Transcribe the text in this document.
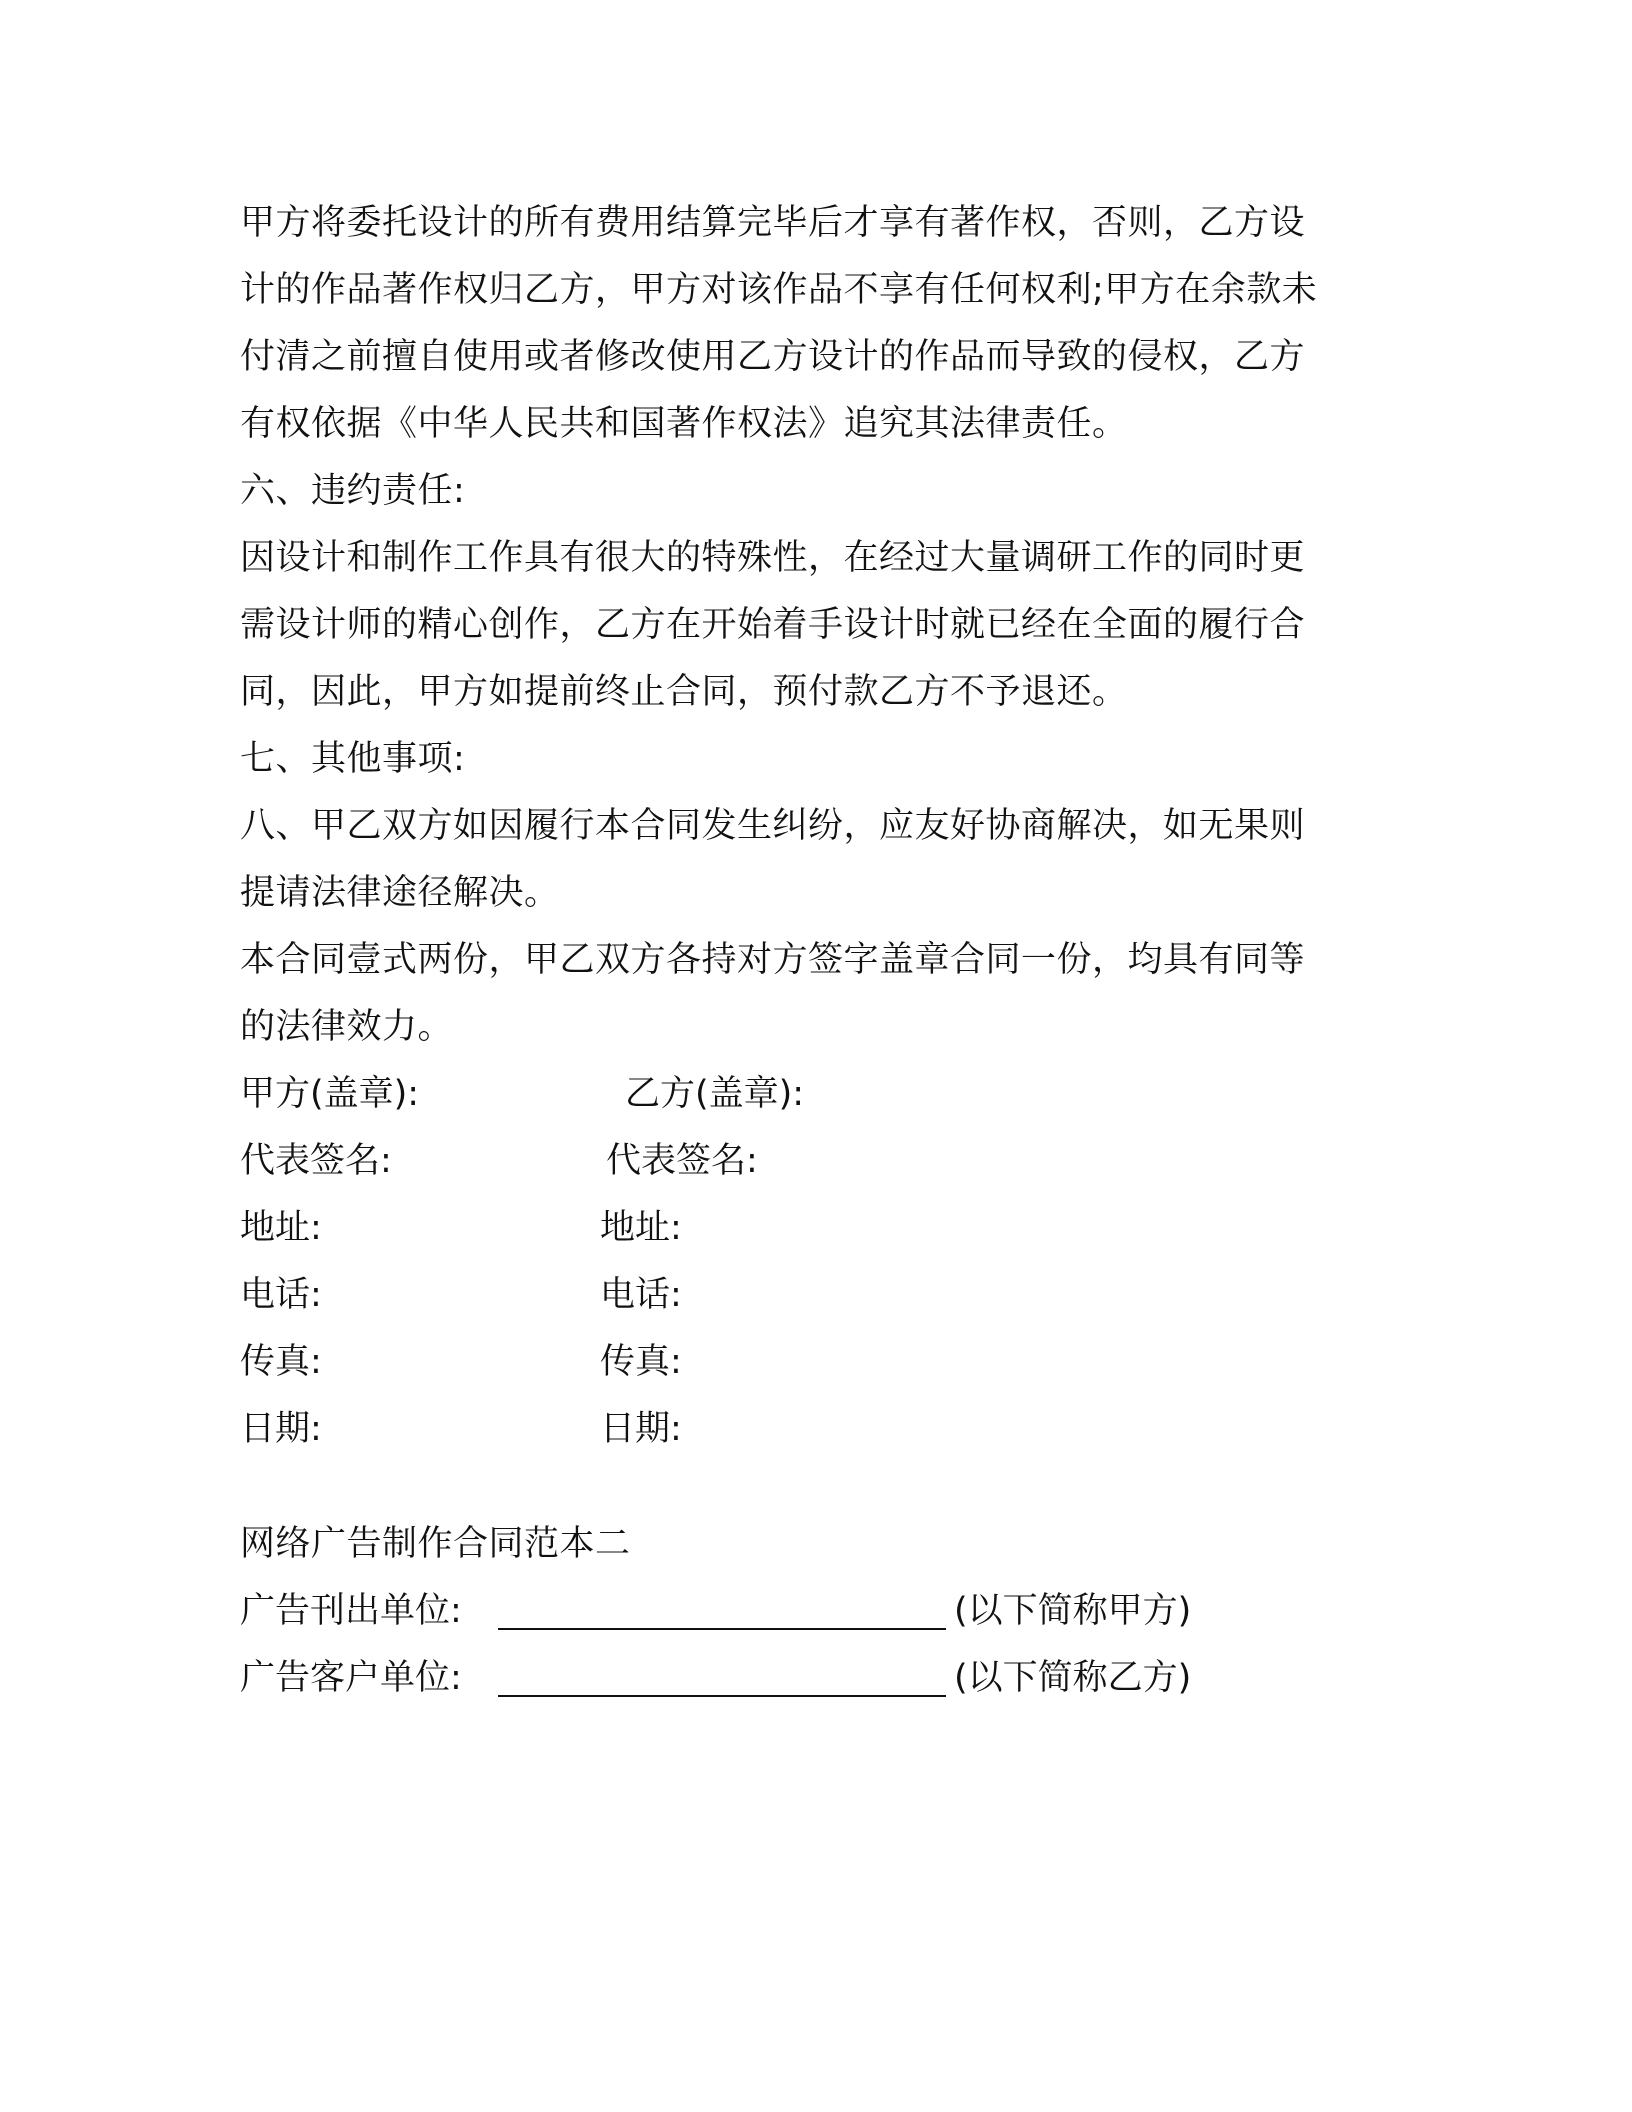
甲方将委托设计的所有费用结算完毕后才享有著作权，否则，乙方设
计的作品著作权归乙方，甲方对该作品不享有任何权利;甲方在余款未
付清之前擅自使用或者修改使用乙方设计的作品而导致的侵权，乙方
有权依据《中华人民共和国著作权法》追究其法律责任。
六、违约责任:
因设计和制作工作具有很大的特殊性，在经过大量调研工作的同时更
需设计师的精心创作，乙方在开始着手设计时就已经在全面的履行合
同，因此，甲方如提前终止合同，预付款乙方不予退还。
七、其他事项:
八、甲乙双方如因履行本合同发生纠纷，应友好协商解决，如无果则
提请法律途径解决。
本合同壹式两份，甲乙双方各持对方签字盖章合同一份，均具有同等
的法律效力。
甲方(盖章):	乙方(盖章):
代表签名:	代表签名:
地址:	地址:
电话:	电话:
传真:	传真:
日期:	日期:
网络广告制作合同范本二
广告刊出单位:	(以下简称甲方)
广告客户单位:	(以下简称乙方)
